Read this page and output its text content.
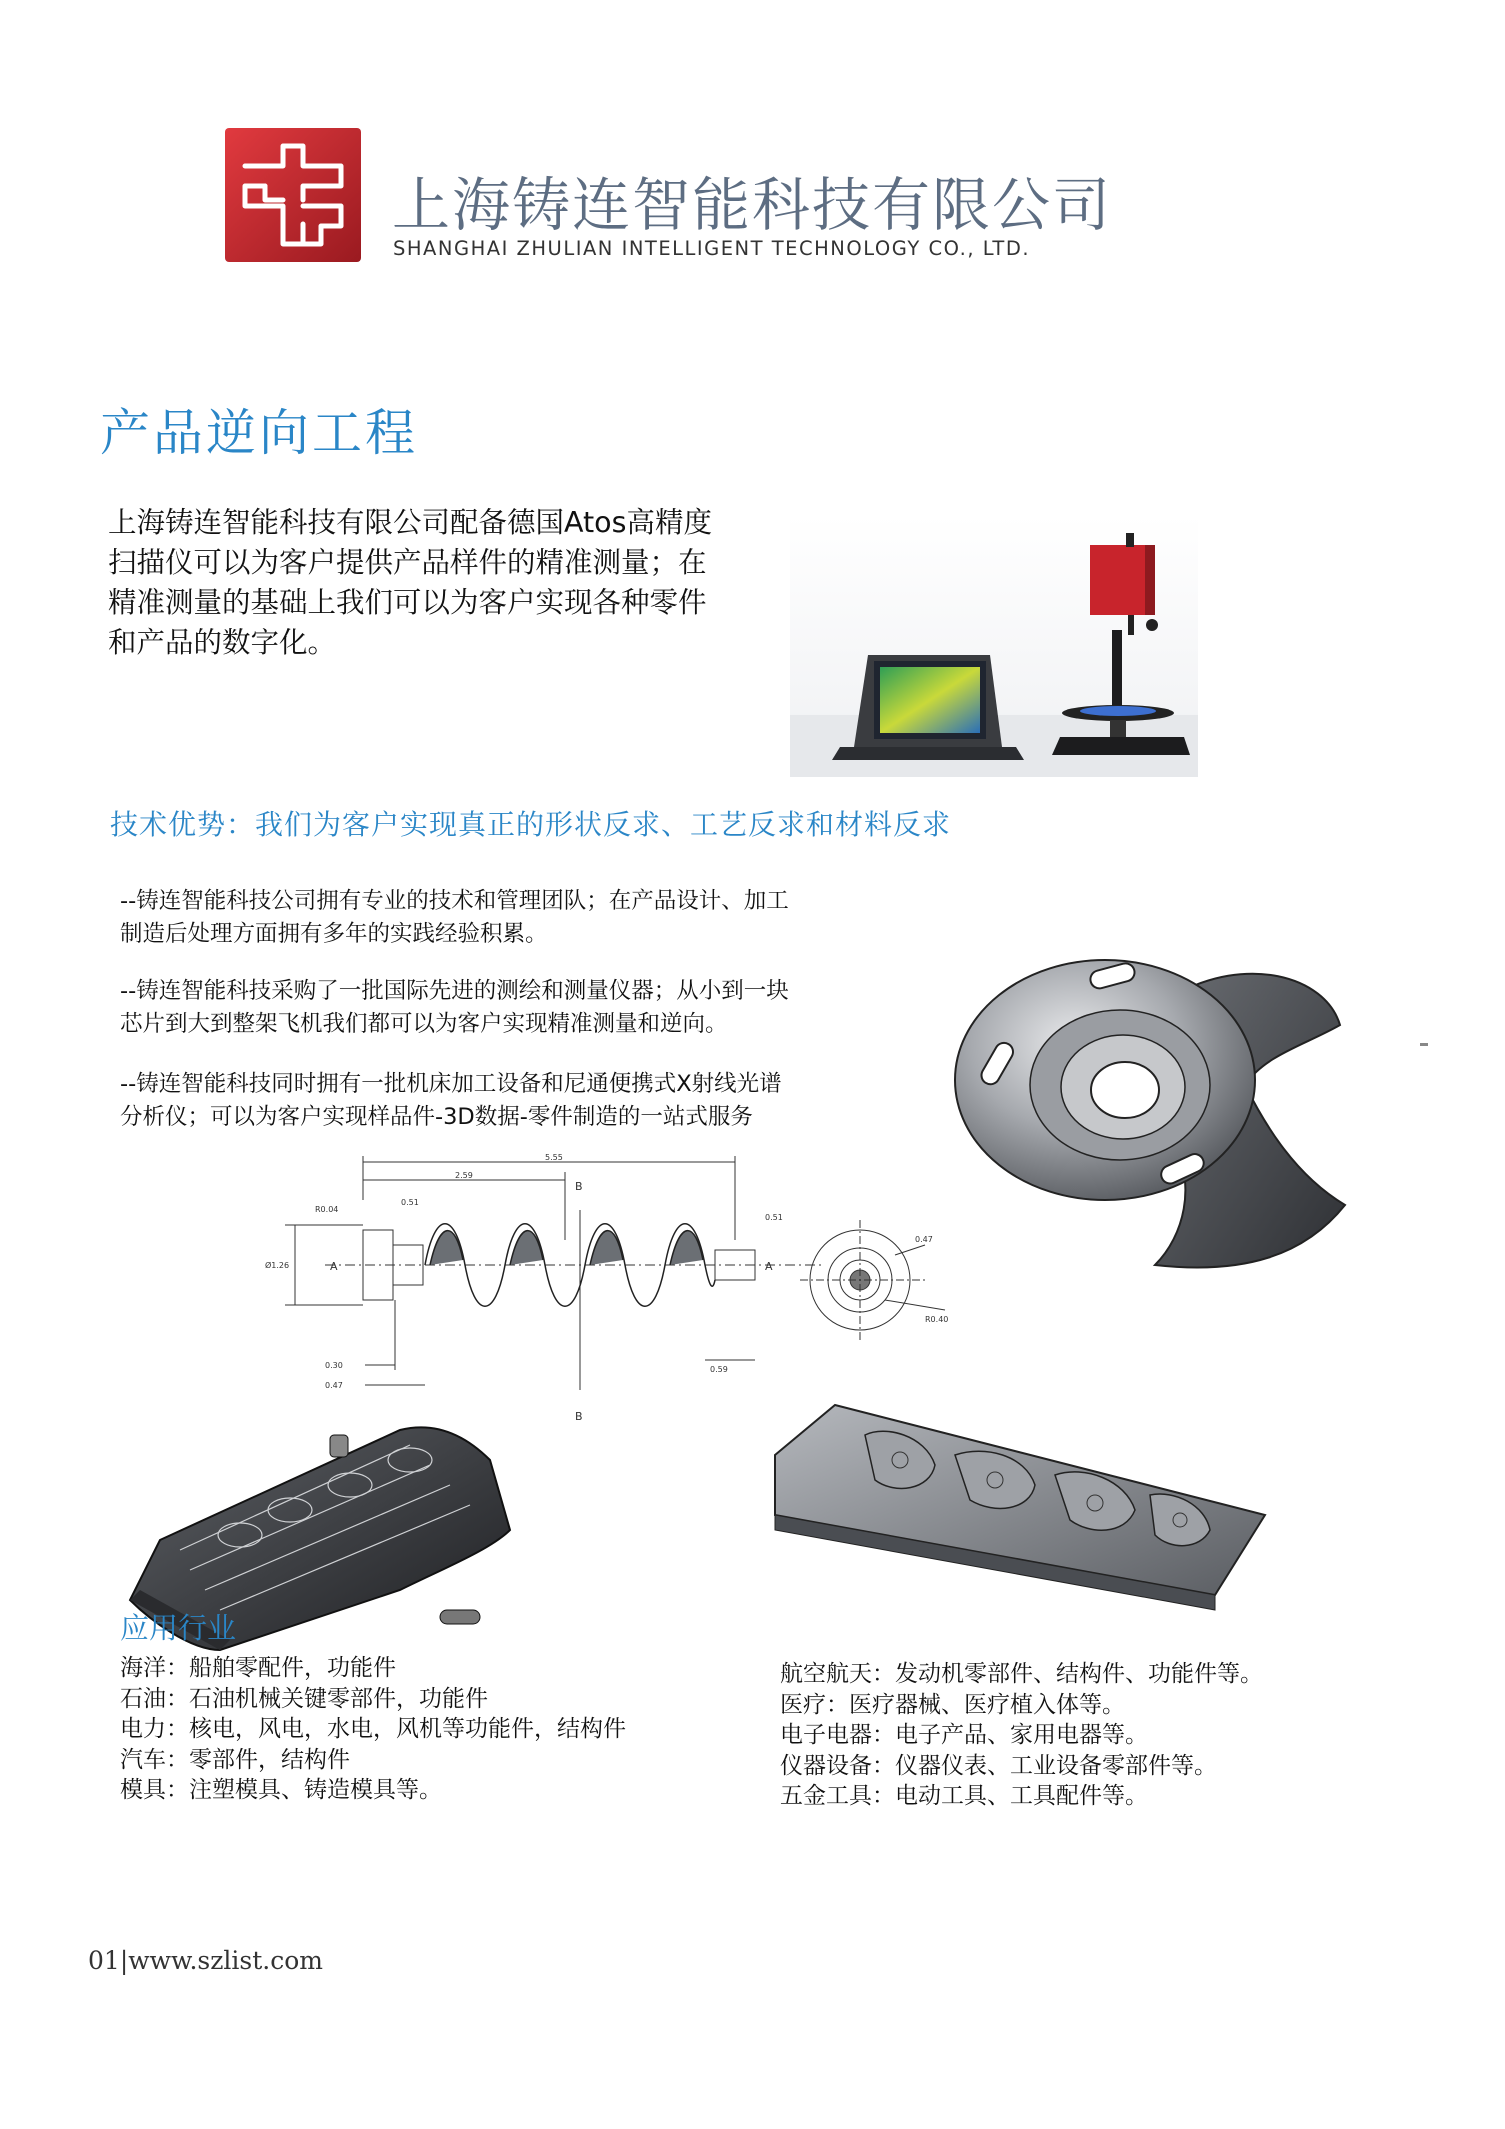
上海铸连智能科技有限公司
SHANGHAI ZHULIAN INTELLIGENT TECHNOLOGY CO., LTD.
产品逆向工程
上海铸连智能科技有限公司配备德国Atos高精度
扫描仪可以为客户提供产品样件的精准测量；在
精准测量的基础上我们可以为客户实现各种零件
和产品的数字化。
技术优势：我们为客户实现真正的形状反求、工艺反求和材料反求
--铸连智能科技公司拥有专业的技术和管理团队；在产品设计、加工
制造后处理方面拥有多年的实践经验积累。
--铸连智能科技采购了一批国际先进的测绘和测量仪器；从小到一块
芯片到大到整架飞机我们都可以为客户实现精准测量和逆向。
--铸连智能科技同时拥有一批机床加工设备和尼通便携式X射线光谱
分析仪；可以为客户实现样品件-3D数据-零件制造的一站式服务
5.55
2.59
0.51
0.51
R0.04
B
B
A	A
0.47
0.30
0.47
0.59
R0.40
Ø1.26
应用行业
海洋：船舶零配件，功能件
石油：石油机械关键零部件，功能件
电力：核电，风电，水电，风机等功能件，结构件
汽车：零部件，结构件
模具：注塑模具、铸造模具等。
航空航天：发动机零部件、结构件、功能件等。
医疗：医疗器械、医疗植入体等。
电子电器：电子产品、家用电器等。
仪器设备：仪器仪表、工业设备零部件等。
五金工具：电动工具、工具配件等。
01|www.szlist.com
